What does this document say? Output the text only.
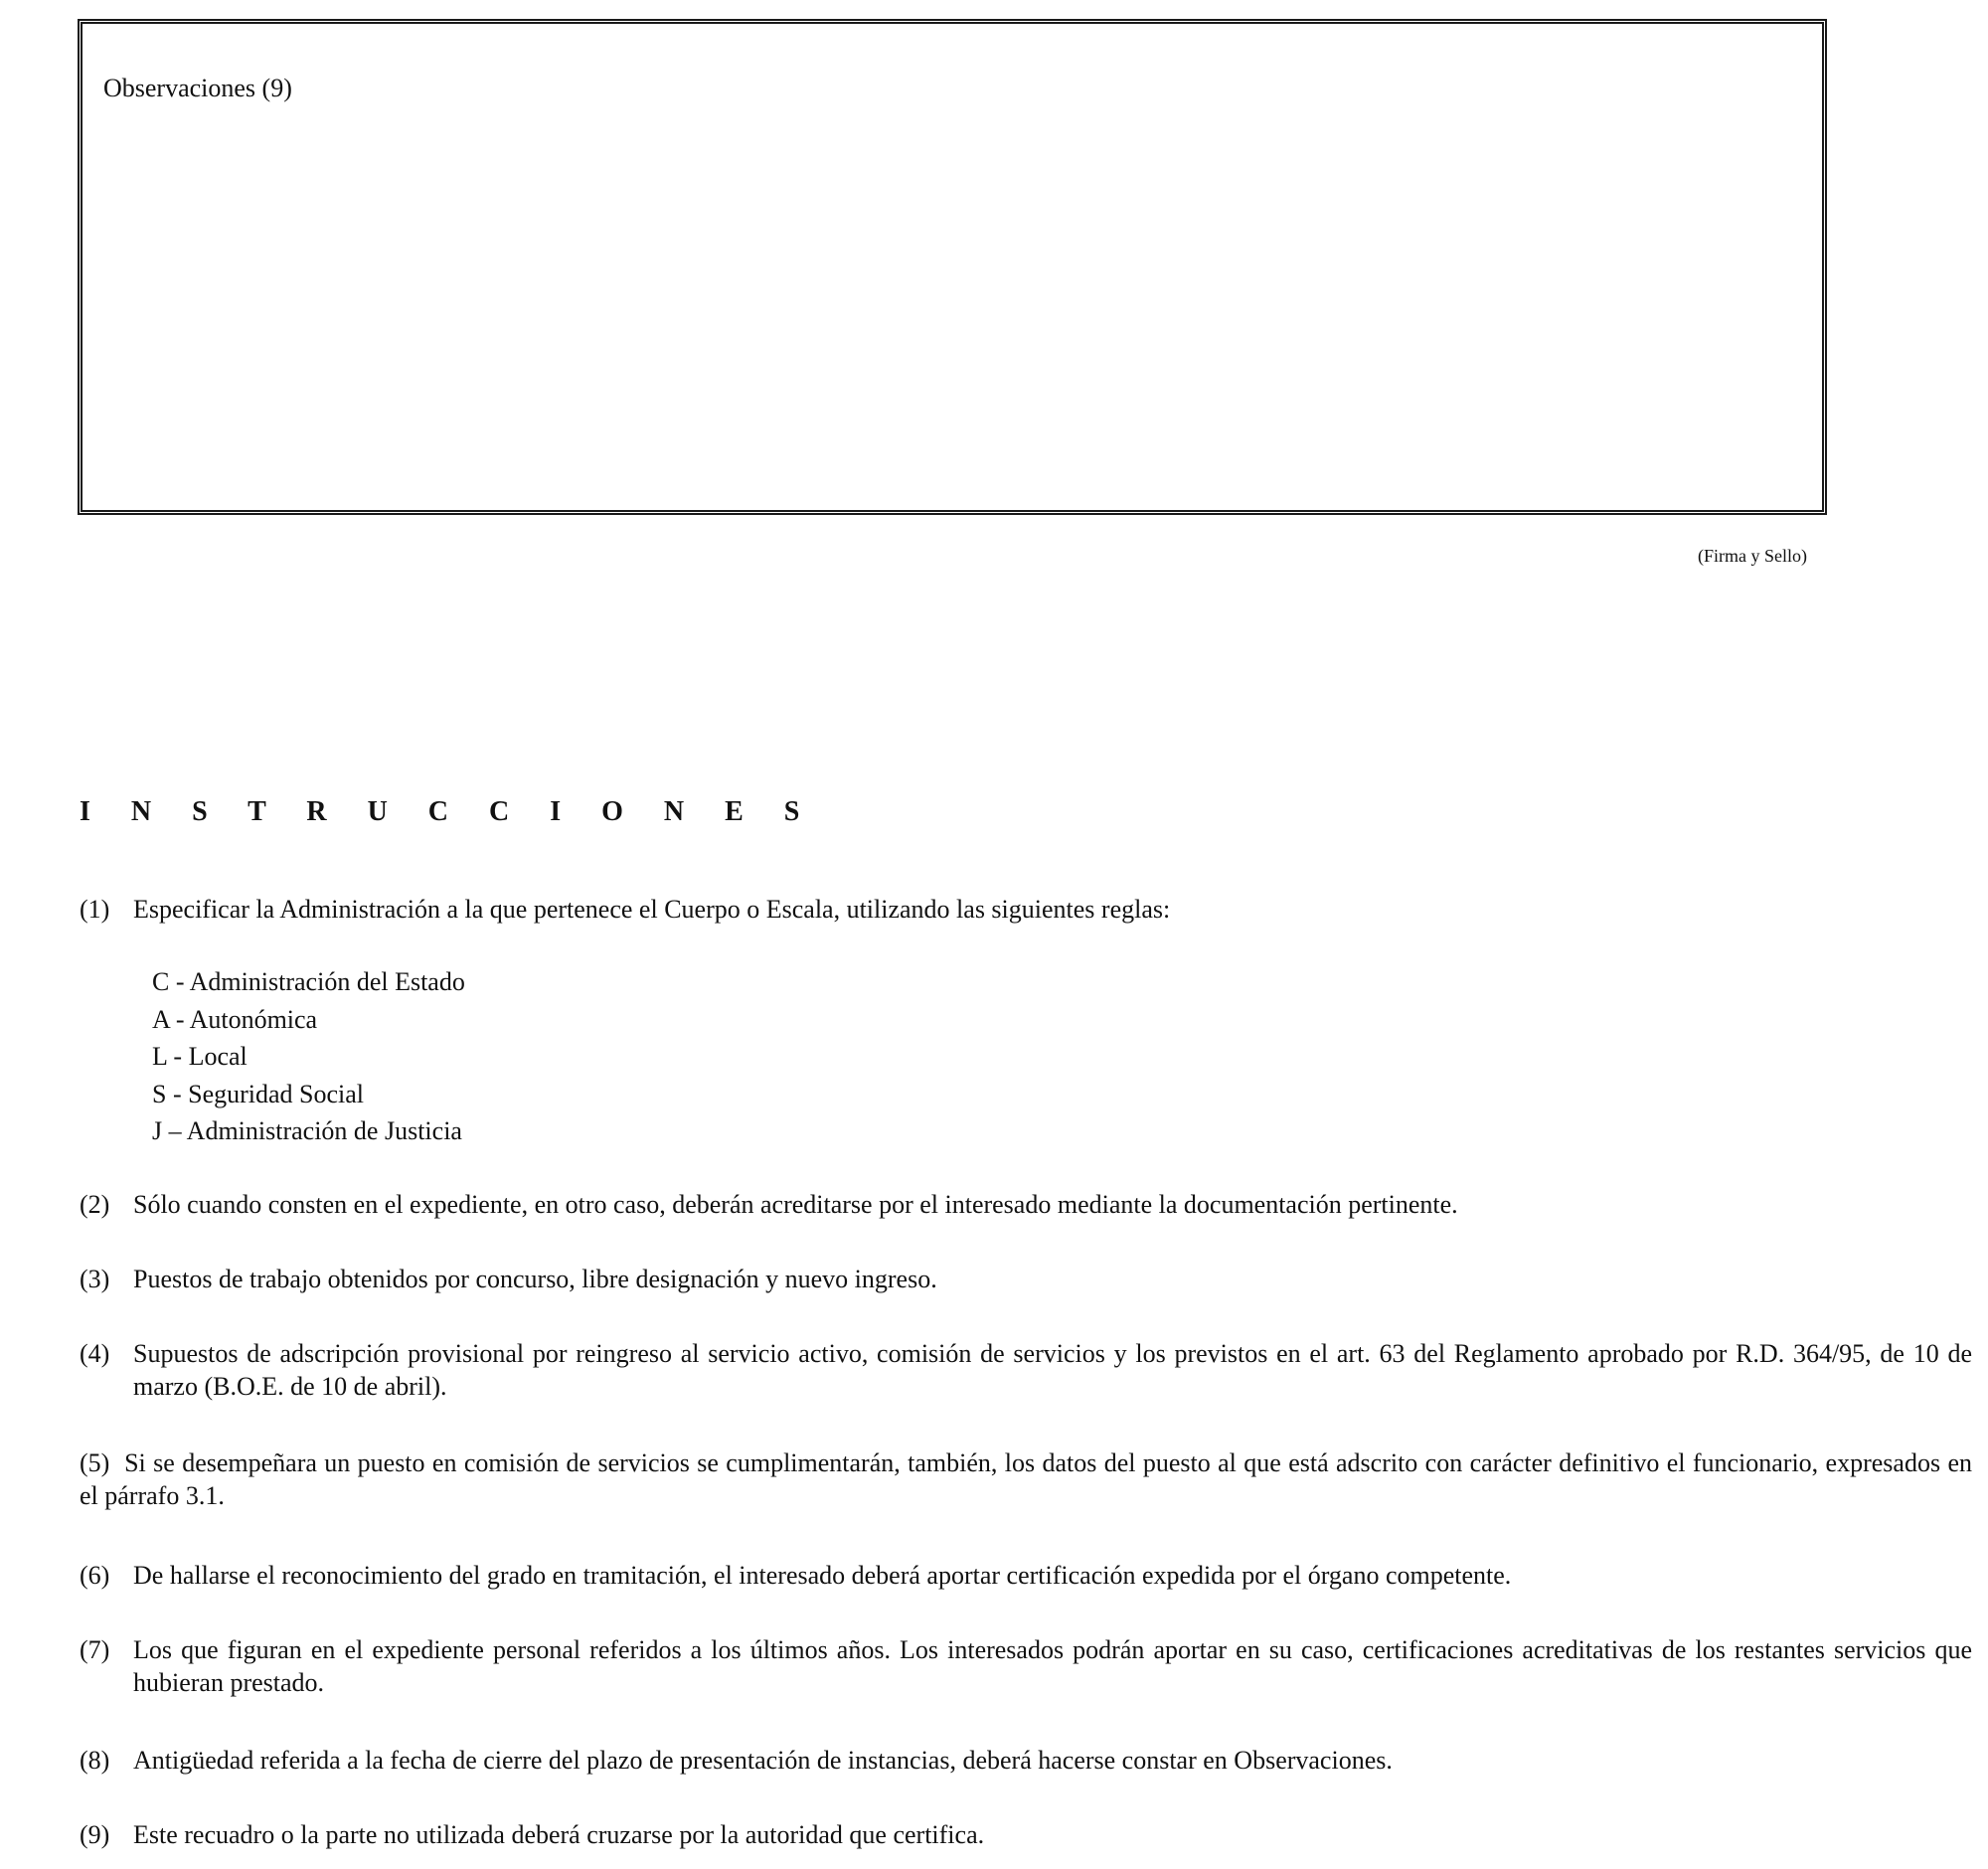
Observaciones (9)
(Firma y Sello)
I N S T R U C C I O N E S
(1) Especificar la Administración a la que pertenece el Cuerpo o Escala, utilizando las siguientes reglas:
C - Administración del Estado
A - Autonómica
L - Local
S - Seguridad Social
J – Administración de Justicia
(2) Sólo cuando consten en el expediente, en otro caso, deberán acreditarse por el interesado mediante la documentación pertinente.
(3) Puestos de trabajo obtenidos por concurso, libre designación y nuevo ingreso.
(4) Supuestos de adscripción provisional por reingreso al servicio activo, comisión de servicios y los previstos en el art. 63 del Reglamento aprobado por R.D. 364/95, de 10 de marzo (B.O.E. de 10 de abril).
(5) Si se desempeñara un puesto en comisión de servicios se cumplimentarán, también, los datos del puesto al que está adscrito con carácter definitivo el funcionario, expresados en el párrafo 3.1.
(6) De hallarse el reconocimiento del grado en tramitación, el interesado deberá aportar certificación expedida por el órgano competente.
(7) Los que figuran en el expediente personal referidos a los últimos años. Los interesados podrán aportar en su caso, certificaciones acreditativas de los restantes servicios que hubieran prestado.
(8) Antigüedad referida a la fecha de cierre del plazo de presentación de instancias, deberá hacerse constar en Observaciones.
(9) Este recuadro o la parte no utilizada deberá cruzarse por la autoridad que certifica.
